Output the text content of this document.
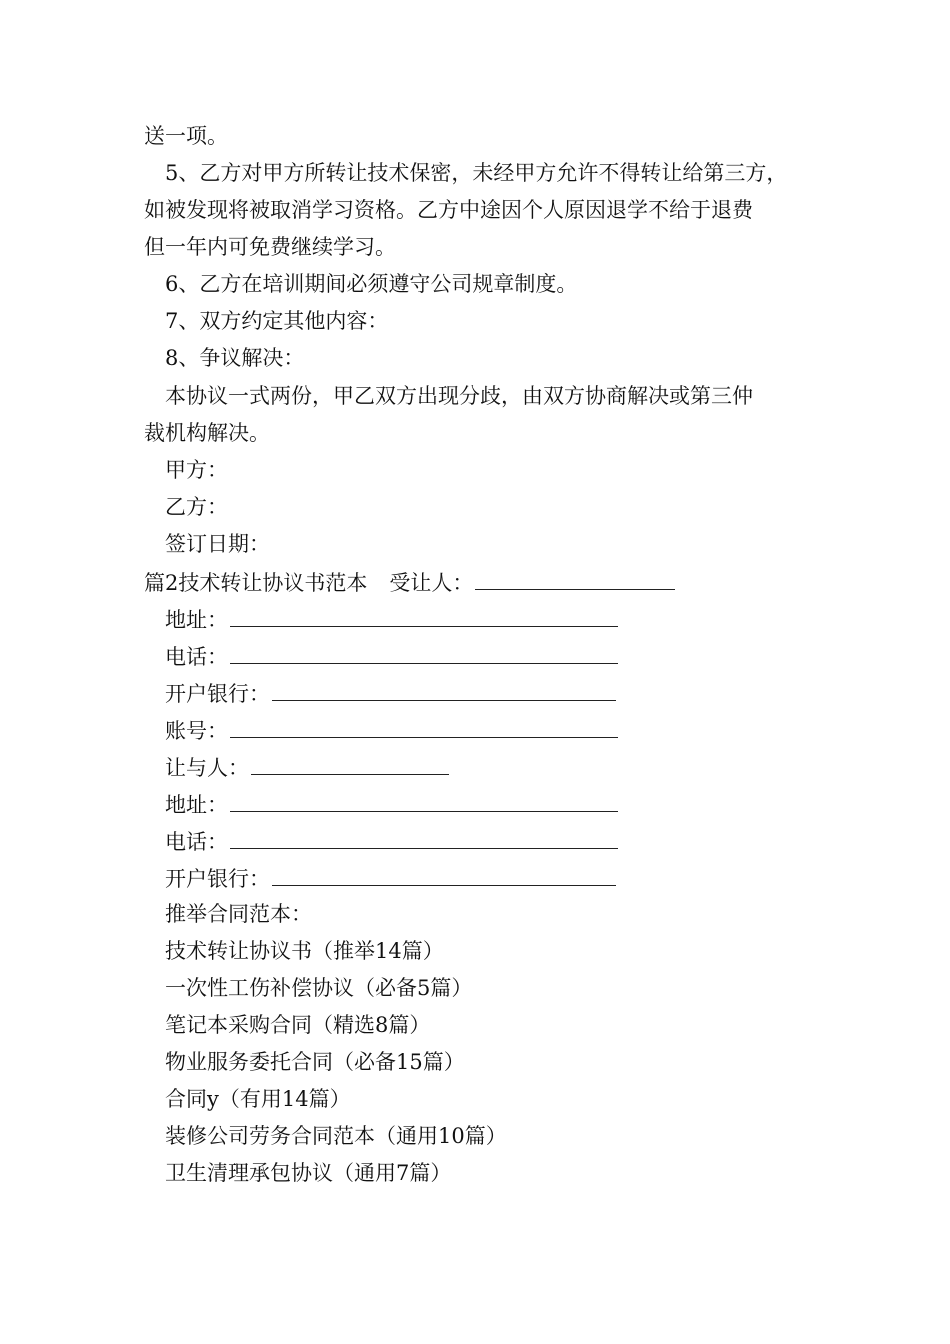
送一项。
5、乙方对甲方所转让技术保密，未经甲方允许不得转让给第三方，
如被发现将被取消学习资格。乙方中途因个人原因退学不给于退费
但一年内可免费继续学习。
6、乙方在培训期间必须遵守公司规章制度。
7、双方约定其他内容：
8、争议解决：
本协议一式两份，甲乙双方出现分歧，由双方协商解决或第三仲
裁机构解决。
甲方：
乙方：
签订日期：
篇2技术转让协议书范本 受让人：
地址：
电话：
开户银行：
账号：
让与人：
地址：
电话：
开户银行：
推举合同范本：
技术转让协议书（推举14篇）
一次性工伤补偿协议（必备5篇）
笔记本采购合同（精选8篇）
物业服务委托合同（必备15篇）
合同y（有用14篇）
装修公司劳务合同范本（通用10篇）
卫生清理承包协议（通用7篇）
